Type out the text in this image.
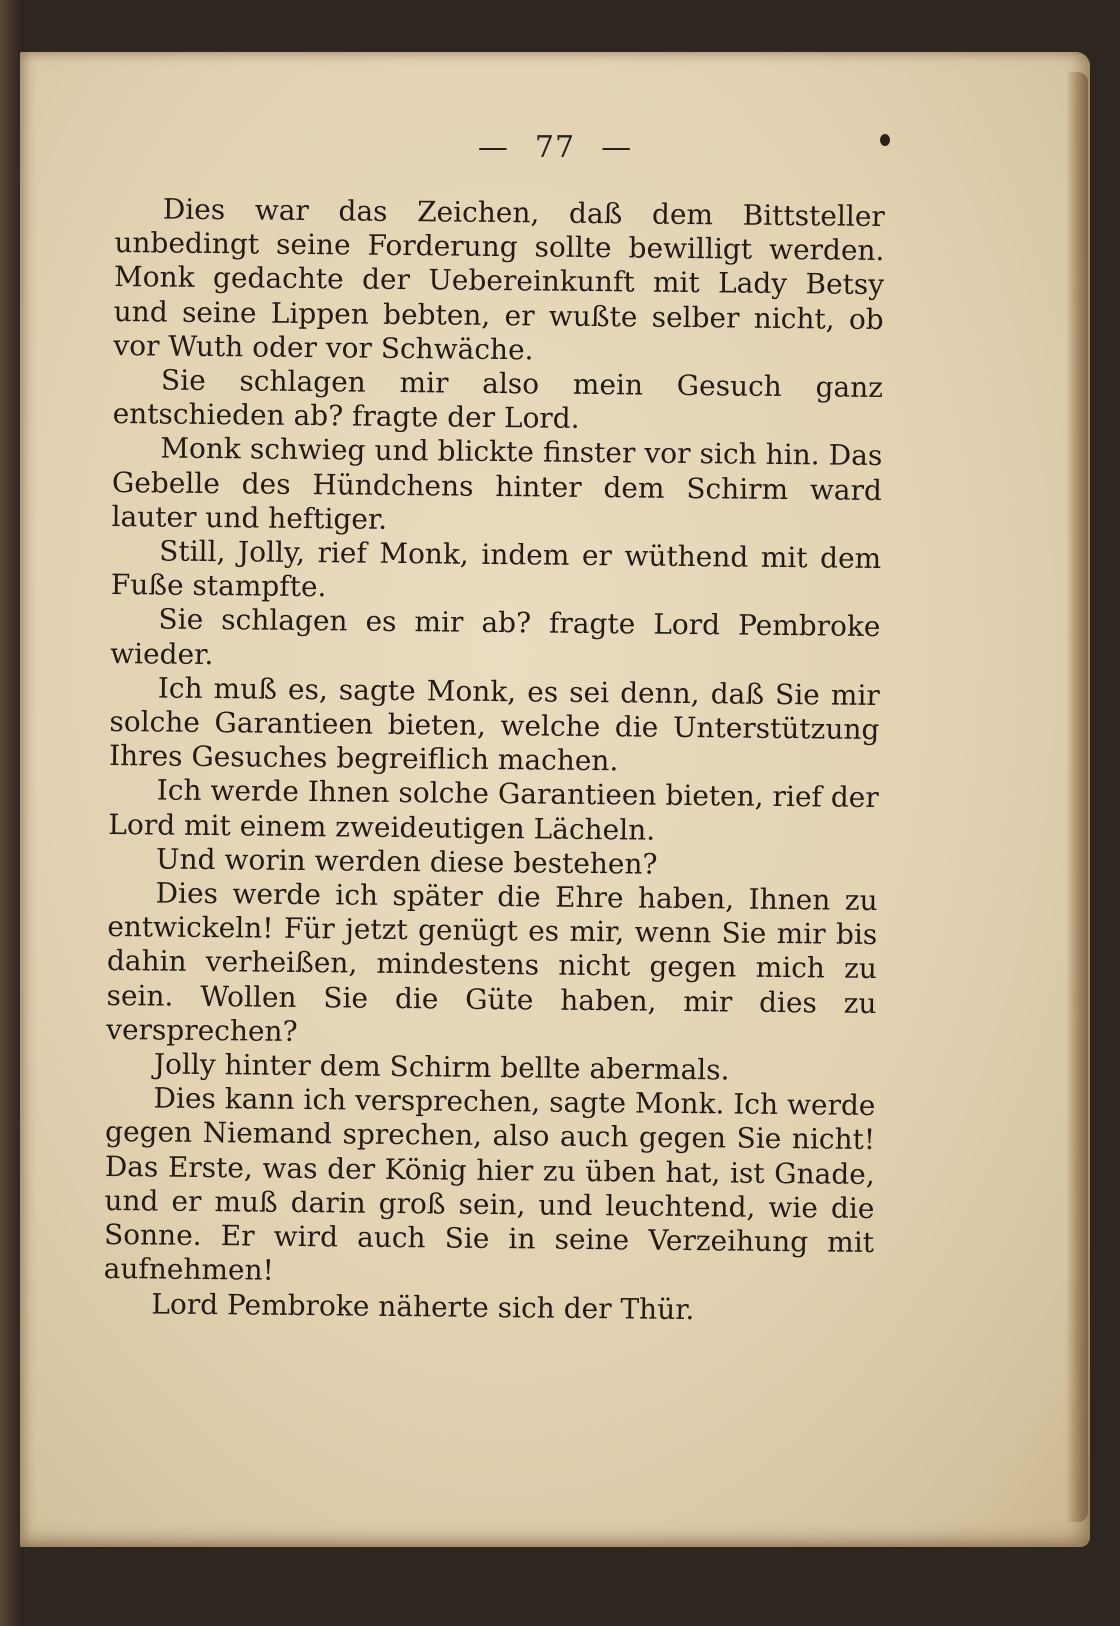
— 77 —

Dies war das Zeichen, daß dem Bittsteller unbedingt seine Forderung sollte bewilligt werden. Monk gedachte der Uebereinkunft mit Lady Betsy und seine Lippen bebten, er wußte selber nicht, ob vor Wuth oder vor Schwäche.

Sie schlagen mir also mein Gesuch ganz entschieden ab? fragte der Lord.

Monk schwieg und blickte finster vor sich hin. Das Gebelle des Hündchens hinter dem Schirm ward lauter und heftiger.

Still, Jolly, rief Monk, indem er wüthend mit dem Fuße stampfte.

Sie schlagen es mir ab? fragte Lord Pembroke wieder.

Ich muß es, sagte Monk, es sei denn, daß Sie mir solche Garantieen bieten, welche die Unterstützung Ihres Gesuches begreiflich machen.

Ich werde Ihnen solche Garantieen bieten, rief der Lord mit einem zweideutigen Lächeln.

Und worin werden diese bestehen?

Dies werde ich später die Ehre haben, Ihnen zu entwickeln! Für jetzt genügt es mir, wenn Sie mir bis dahin verheißen, mindestens nicht gegen mich zu sein. Wollen Sie die Güte haben, mir dies zu versprechen?

Jolly hinter dem Schirm bellte abermals.

Dies kann ich versprechen, sagte Monk. Ich werde gegen Niemand sprechen, also auch gegen Sie nicht! Das Erste, was der König hier zu üben hat, ist Gnade, und er muß darin groß sein, und leuchtend, wie die Sonne. Er wird auch Sie in seine Verzeihung mit aufnehmen!

Lord Pembroke näherte sich der Thür.
